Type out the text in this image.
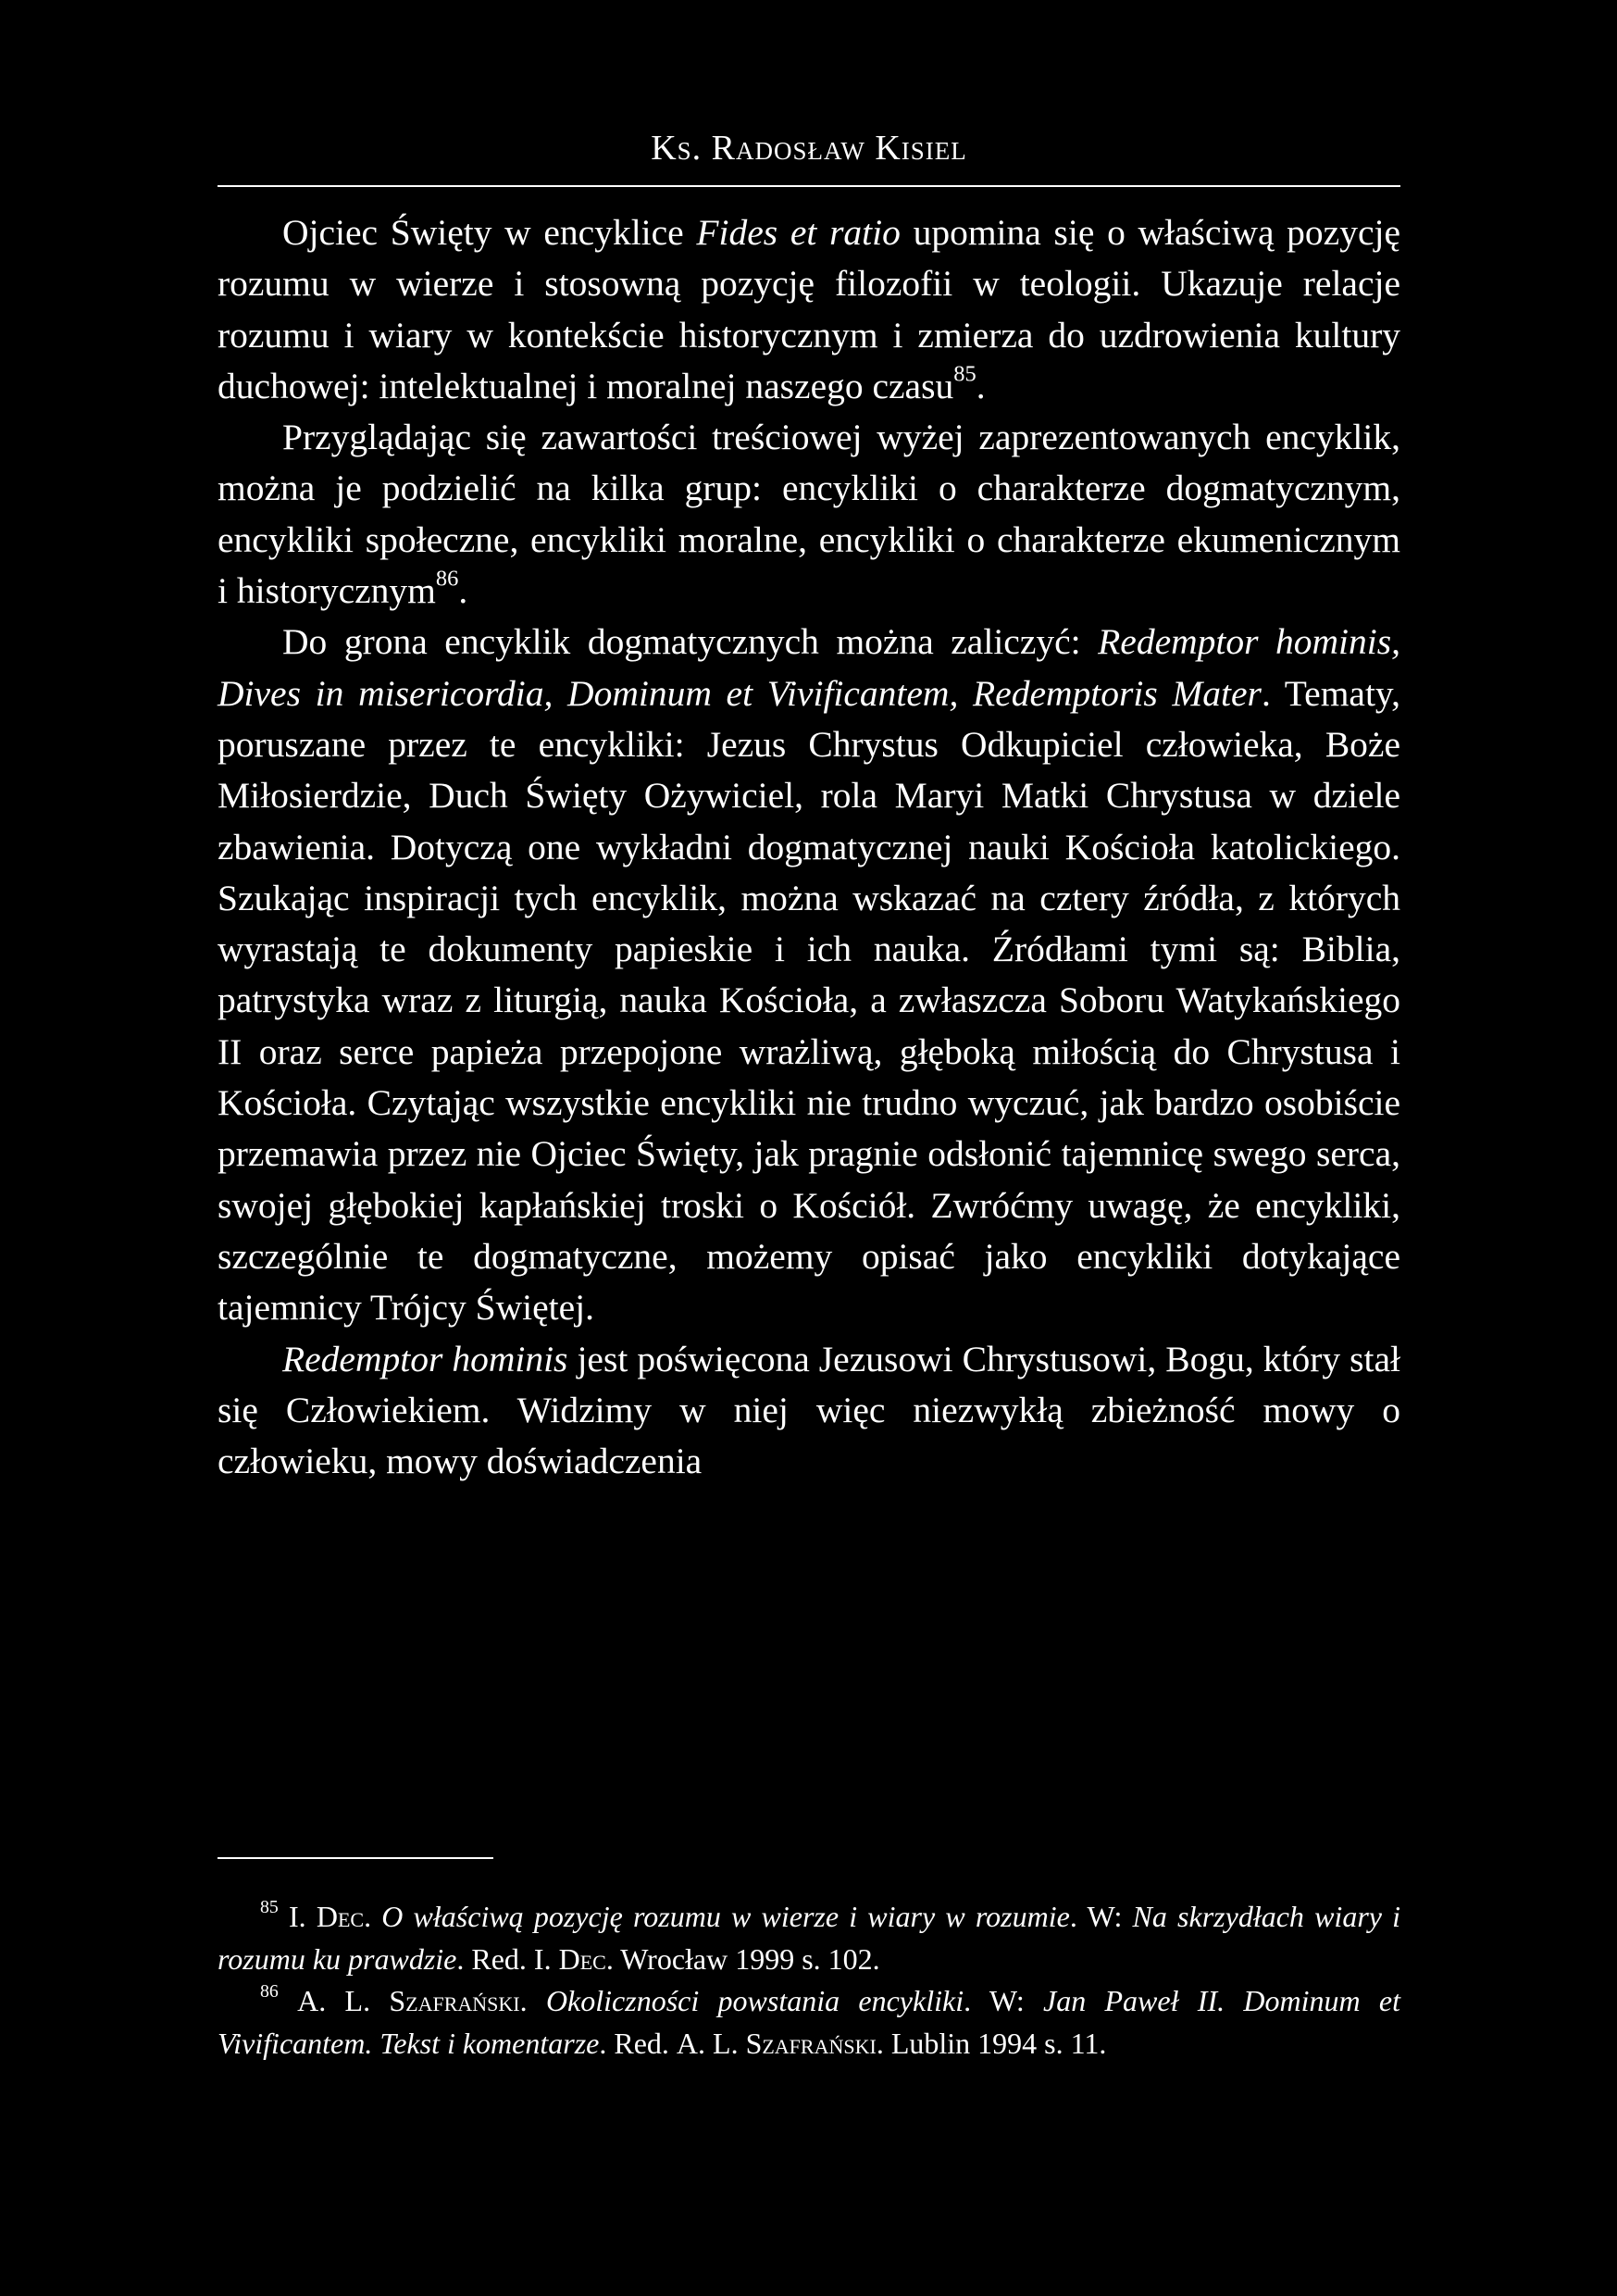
Ks. Radosław Kisiel

Ojciec Święty w encyklice Fides et ratio upomina się o właściwą pozycję rozumu w wierze i stosowną pozycję filozofii w teologii. Ukazuje relacje rozumu i wiary w kontekście historycznym i zmierza do uzdrowienia kultury duchowej: intelektualnej i moralnej naszego czasu$^{85}$.

Przyglądając się zawartości treściowej wyżej zaprezentowanych encyklik, można je podzielić na kilka grup: encykliki o charakterze dogmatycznym, encykliki społeczne, encykliki moralne, encykliki o charakterze ekumenicznym i historycznym$^{86}$.

Do grona encyklik dogmatycznych można zaliczyć: Redemptor hominis, Dives in misericordia, Dominum et Vivificantem, Redemptoris Mater. Tematy, poruszane przez te encykliki: Jezus Chrystus Odkupiciel człowieka, Boże Miłosierdzie, Duch Święty Ożywiciel, rola Maryi Matki Chrystusa w dziele zbawienia. Dotyczą one wykładni dogmatycznej nauki Kościoła katolickiego. Szukając inspiracji tych encyklik, można wskazać na cztery źródła, z których wyrastają te dokumenty papieskie i ich nauka. Źródłami tymi są: Biblia, patrystyka wraz z liturgią, nauka Kościoła, a zwłaszcza Soboru Watykańskiego II oraz serce papieża przepojone wrażliwą, głęboką miłością do Chrystusa i Kościoła. Czytając wszystkie encykliki nie trudno wyczuć, jak bardzo osobiście przemawia przez nie Ojciec Święty, jak pragnie odsłonić tajemnicę swego serca, swojej głębokiej kapłańskiej troski o Kościół. Zwróćmy uwagę, że encykliki, szczególnie te dogmatyczne, możemy opisać jako encykliki dotykające tajemnicy Trójcy Świętej.

Redemptor hominis jest poświęcona Jezusowi Chrystusowi, Bogu, który stał się Człowiekiem. Widzimy w niej więc niezwykłą zbieżność mowy o człowieku, mowy doświadczenia

$^{85}$ I. Dec. O właściwą pozycję rozumu w wierze i wiary w rozumie. W: Na skrzydłach wiary i rozumu ku prawdzie. Red. I. Dec. Wrocław 1999 s. 102.

$^{86}$ A. L. Szafrański. Okoliczności powstania encykliki. W: Jan Paweł II. Dominum et Vivificantem. Tekst i komentarze. Red. A. L. Szafrański. Lublin 1994 s. 11.
